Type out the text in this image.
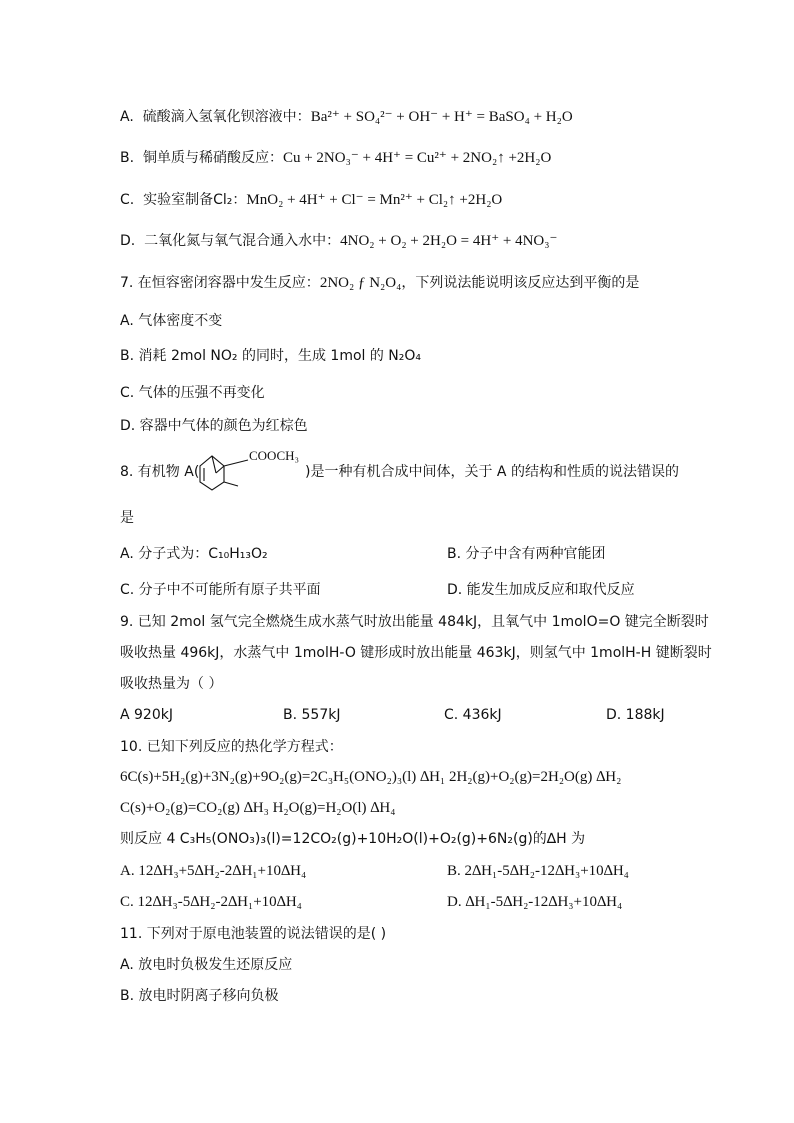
A. 硫酸滴入氢氧化钡溶液中：Ba²⁺ + SO₄²⁻ + OH⁻ + H⁺ = BaSO₄ + H₂O
B. 铜单质与稀硝酸反应：Cu + 2NO₃⁻ + 4H⁺ = Cu²⁺ + 2NO₂↑ +2H₂O
C. 实验室制备Cl₂：MnO₂ + 4H⁺ + Cl⁻ = Mn²⁺ + Cl₂↑ +2H₂O
D. 二氧化氮与氧气混合通入水中：4NO₂ + O₂ + 2H₂O = 4H⁺ + 4NO₃⁻
7. 在恒容密闭容器中发生反应：2NO₂ ƒ N₂O₄，下列说法能说明该反应达到平衡的是
A. 气体密度不变
B. 消耗 2mol NO₂ 的同时，生成 1mol 的 N₂O₄
C. 气体的压强不再变化
D. 容器中气体的颜色为红棕色
8. 有机物 A(
COOCH₃
)是一种有机合成中间体，关于 A 的结构和性质的说法错误的
是
A. 分子式为：C₁₀H₁₃O₂	B. 分子中含有两种官能团
C. 分子中不可能所有原子共平面	D. 能发生加成反应和取代反应
9. 已知 2mol 氢气完全燃烧生成水蒸气时放出能量 484kJ，且氧气中 1molO=O 键完全断裂时
吸收热量 496kJ，水蒸气中 1molH-O 键形成时放出能量 463kJ，则氢气中 1molH-H 键断裂时
吸收热量为（ ）
A 920kJ	B. 557kJ	C. 436kJ	D. 188kJ
10. 已知下列反应的热化学方程式：
6C(s)+5H₂(g)+3N₂(g)+9O₂(g)=2C₃H₅(ONO₂)₃(l) ∆H₁ 2H₂(g)+O₂(g)=2H₂O(g) ∆H₂
C(s)+O₂(g)=CO₂(g) ∆H₃ H₂O(g)=H₂O(l) ∆H₄
则反应 4 C₃H₅(ONO₃)₃(l)=12CO₂(g)+10H₂O(l)+O₂(g)+6N₂(g)的∆H 为
A. 12∆H₃+5∆H₂-2∆H₁+10∆H₄	B. 2∆H₁-5∆H₂-12∆H₃+10∆H₄
C. 12∆H₃-5∆H₂-2∆H₁+10∆H₄	D. ∆H₁-5∆H₂-12∆H₃+10∆H₄
11. 下列对于原电池装置的说法错误的是( )
A. 放电时负极发生还原反应
B. 放电时阴离子移向负极
